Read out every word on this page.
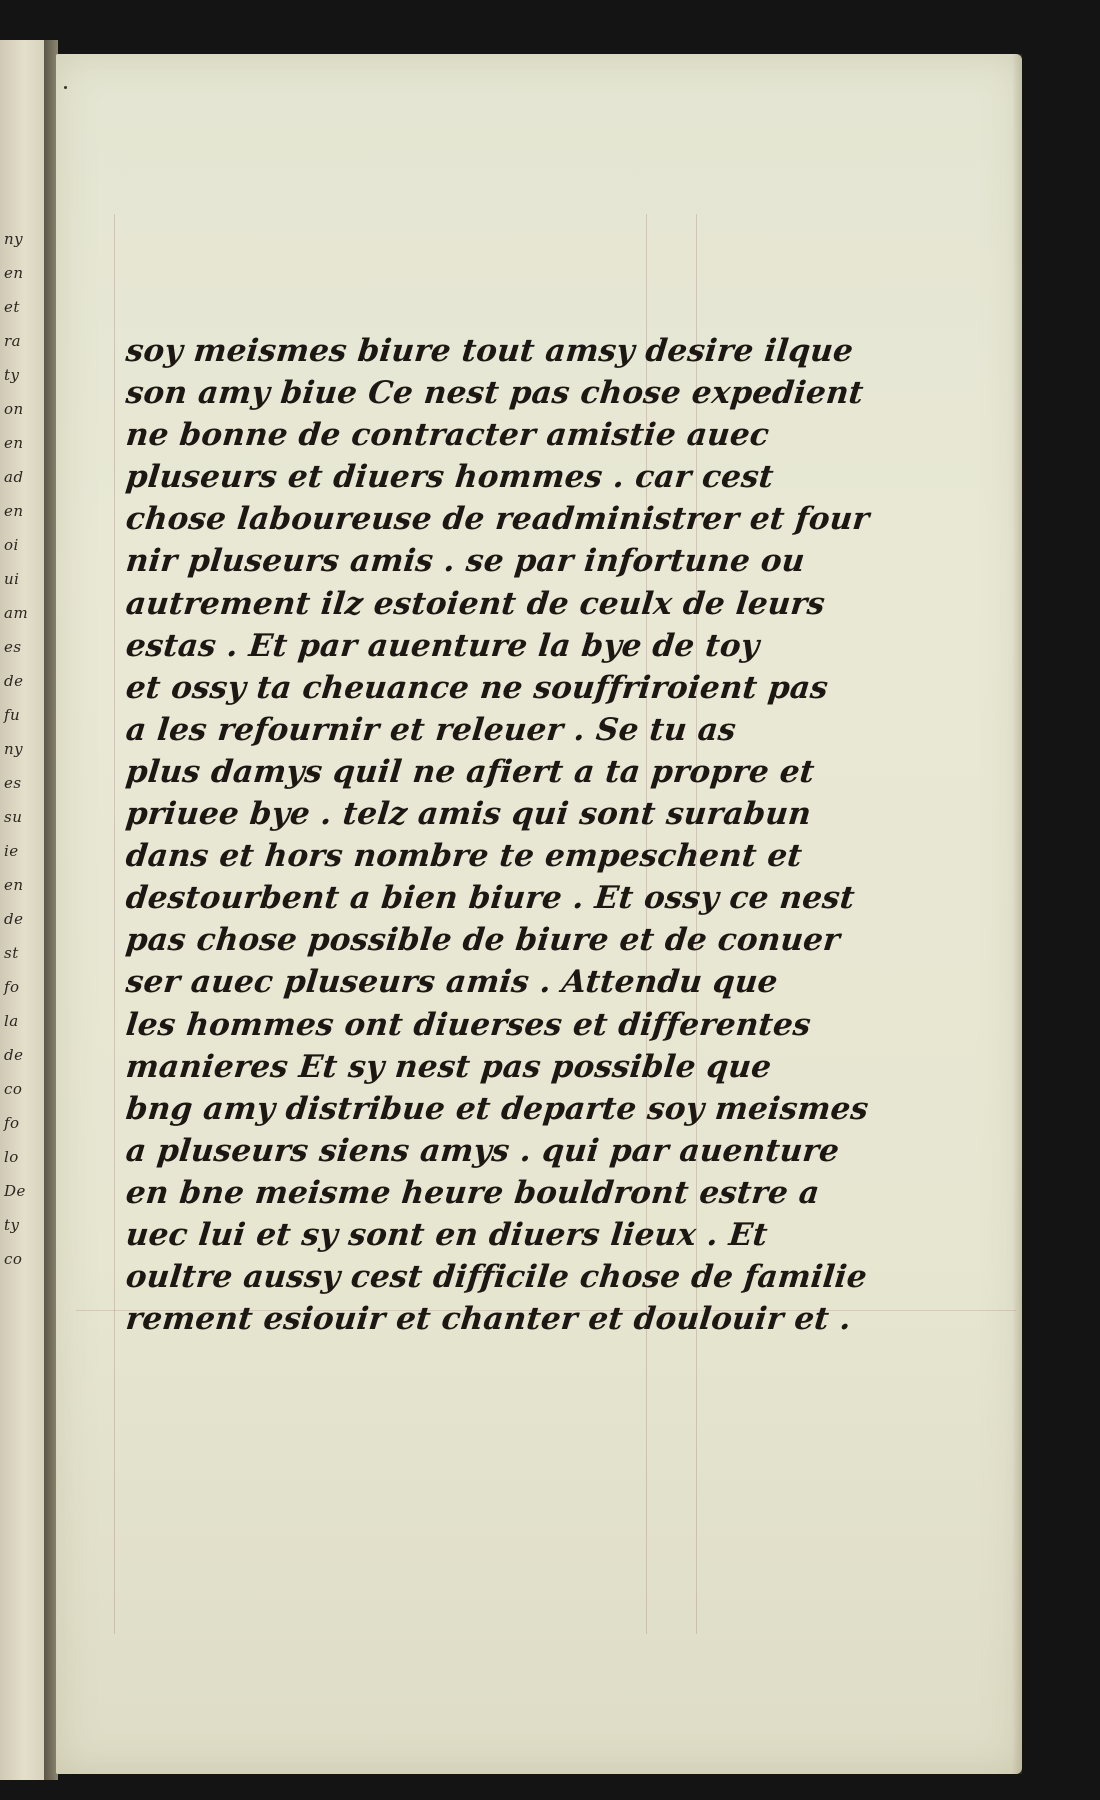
ny
en
et
ra
ty
on
en
ad
en
oi
ui
am
es
de
fu
ny
es
su
ie
en
de
st
fo
la
de
co
fo
lo
De
ty
co
soy meismes biure tout amsy desire ilque
son amy biue Ce nest pas chose expedient
ne bonne de contracter amistie auec
pluseurs et diuers hommes . car cest
chose laboureuse de readministrer et four
nir pluseurs amis . se par infortune ou
autrement ilz estoient de ceulx de leurs
estas . Et par auenture la bye de toy
et ossy ta cheuance ne souffriroient pas
a les refournir et releuer . Se tu as
plus damys quil ne afiert a ta propre et
priuee bye . telz amis qui sont surabun
dans et hors nombre te empeschent et
destourbent a bien biure . Et ossy ce nest
pas chose possible de biure et de conuer
ser auec pluseurs amis . Attendu que
les hommes ont diuerses et differentes
manieres Et sy nest pas possible que
bng amy distribue et departe soy meismes
a pluseurs siens amys . qui par auenture
en bne meisme heure bouldront estre a
uec lui et sy sont en diuers lieux . Et
oultre aussy cest difficile chose de familie
rement esiouir et chanter et doulouir et .
